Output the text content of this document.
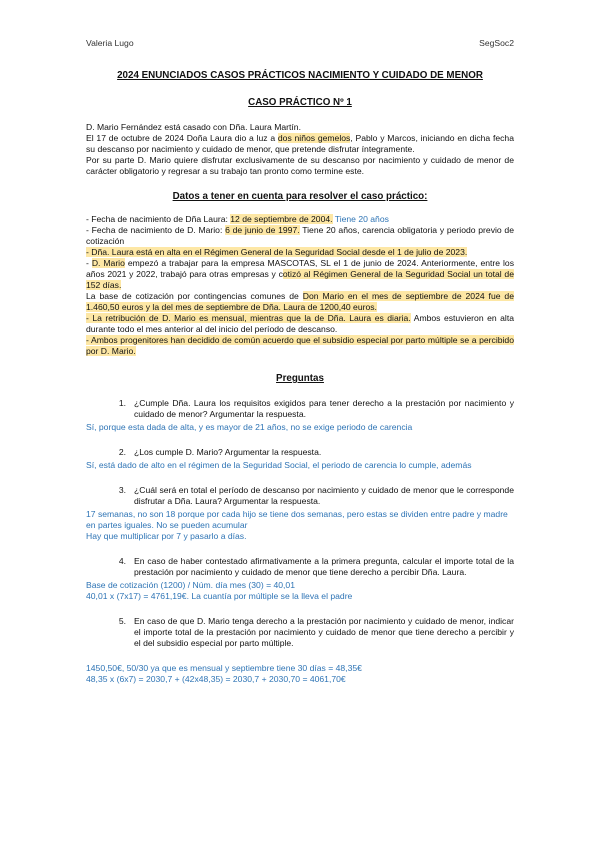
Valeria Lugo	SegSoc2
2024 ENUNCIADOS CASOS PRÁCTICOS NACIMIENTO Y CUIDADO DE MENOR
CASO PRÁCTICO Nº 1

D. Mario Fernández está casado con Dña. Laura Martín.

El 17 de octubre de 2024 Doña Laura dio a luz a dos niños gemelos, Pablo y Marcos, iniciando en dicha fecha su descanso por nacimiento y cuidado de menor, que pretende disfrutar íntegramente.

Por su parte D. Mario quiere disfrutar exclusivamente de su descanso por nacimiento y cuidado de menor de carácter obligatorio y regresar a su trabajo tan pronto como termine este.

Datos a tener en cuenta para resolver el caso práctico:

- Fecha de nacimiento de Dña Laura: 12 de septiembre de 2004. Tiene 20 años

- Fecha de nacimiento de D. Mario: 6 de junio de 1997. Tiene 20 años, carencia obligatoria y periodo previo de cotización

- Dña. Laura está en alta en el Régimen General de la Seguridad Social desde el 1 de julio de 2023.

- D. Mario empezó a trabajar para la empresa MASCOTAS, SL el 1 de junio de 2024. Anteriormente, entre los años 2021 y 2022, trabajó para otras empresas y cotizó al Régimen General de la Seguridad Social un total de 152 días.

La base de cotización por contingencias comunes de Don Mario en el mes de septiembre de 2024 fue de 1.460,50 euros y la del mes de septiembre de Dña. Laura de 1200,40 euros.

- La retribución de D. Mario es mensual, mientras que la de Dña. Laura es diaria. Ambos estuvieron en alta durante todo el mes anterior al del inicio del período de descanso.

- Ambos progenitores han decidido de común acuerdo que el subsidio especial por parto múltiple se a percibido por D. Mario.

Preguntas
1. ¿Cumple Dña. Laura los requisitos exigidos para tener derecho a la prestación por nacimiento y cuidado de menor? Argumentar la respuesta.

Sí, porque esta dada de alta, y es mayor de 21 años, no se exige periodo de carencia

2. ¿Los cumple D. Mario? Argumentar la respuesta.

Sí, está dado de alto en el régimen de la Seguridad Social, el periodo de carencia lo cumple, además

3. ¿Cuál será en total el período de descanso por nacimiento y cuidado de menor que le corresponde disfrutar a Dña. Laura? Argumentar la respuesta.

17 semanas, no son 18 porque por cada hijo se tiene dos semanas, pero estas se dividen entre padre y madre en partes iguales. No se pueden acumular

Hay que multiplicar por 7 y pasarlo a días.

4. En caso de haber contestado afirmativamente a la primera pregunta, calcular el importe total de la prestación por nacimiento y cuidado de menor que tiene derecho a percibir Dña. Laura.

Base de cotización (1200) / Núm. día mes (30) = 40,01

40,01 x (7x17) = 4761,19€. La cuantía por múltiple se la lleva el padre

5. En caso de que D. Mario tenga derecho a la prestación por nacimiento y cuidado de menor, indicar el importe total de la prestación por nacimiento y cuidado de menor que tiene derecho a percibir y el del subsidio especial por parto múltiple.

1450,50€, 50/30 ya que es mensual y septiembre tiene 30 días = 48,35€

48,35 x (6x7) = 2030,7 + (42x48,35) = 2030,7 + 2030,70 = 4061,70€
